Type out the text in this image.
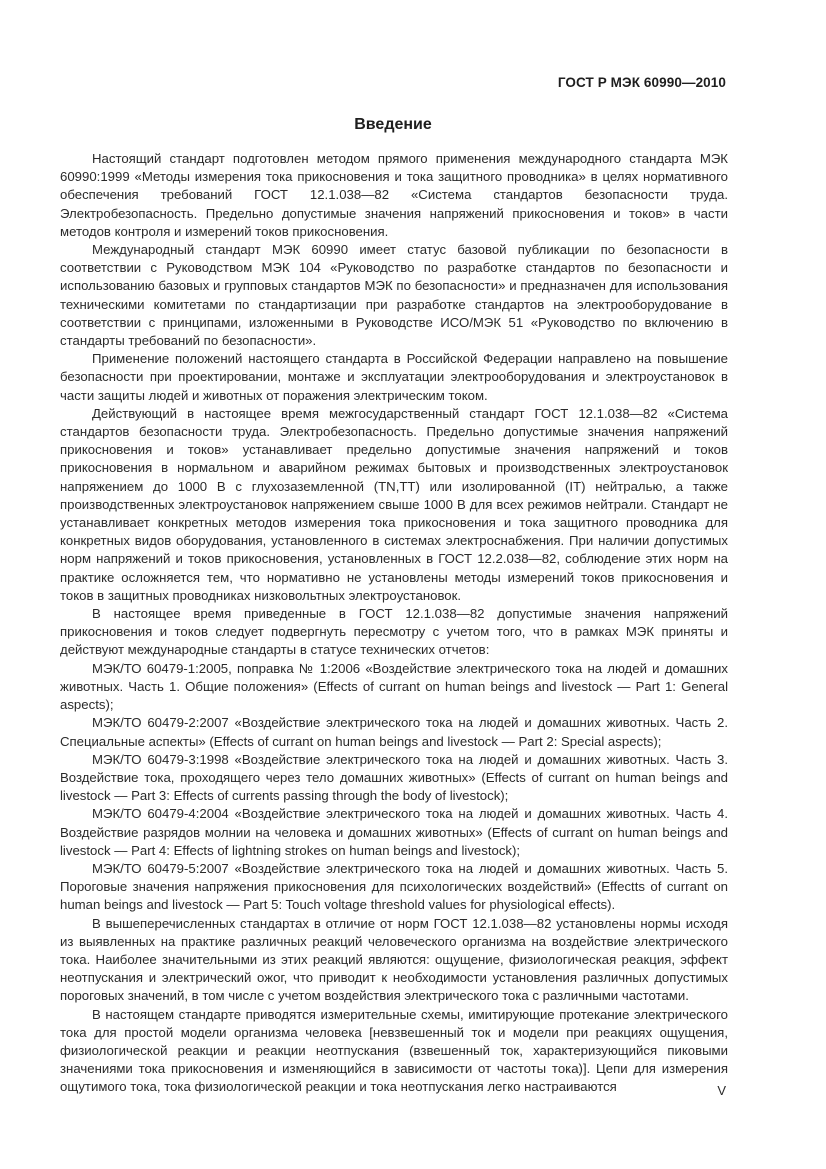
ГОСТ Р МЭК 60990—2010
Введение

Настоящий стандарт подготовлен методом прямого применения международного стандарта МЭК 60990:1999 «Методы измерения тока прикосновения и тока защитного проводника» в целях нормативного обеспечения требований ГОСТ 12.1.038—82 «Система стандартов безопасности труда. Электробезопасность. Предельно допустимые значения напряжений прикосновения и токов» в части методов контроля и измерений токов прикосновения.

Международный стандарт МЭК 60990 имеет статус базовой публикации по безопасности в соответствии с Руководством МЭК 104 «Руководство по разработке стандартов по безопасности и использованию базовых и групповых стандартов МЭК по безопасности» и предназначен для использования техническими комитетами по стандартизации при разработке стандартов на электрооборудование в соответствии с принципами, изложенными в Руководстве ИСО/МЭК 51 «Руководство по включению в стандарты требований по безопасности».

Применение положений настоящего стандарта в Российской Федерации направлено на повышение безопасности при проектировании, монтаже и эксплуатации электрооборудования и электроустановок в части защиты людей и животных от поражения электрическим током.

Действующий в настоящее время межгосударственный стандарт ГОСТ 12.1.038—82 «Система стандартов безопасности труда. Электробезопасность. Предельно допустимые значения напряжений прикосновения и токов» устанавливает предельно допустимые значения напряжений и токов прикосновения в нормальном и аварийном режимах бытовых и производственных электроустановок напряжением до 1000 В с глухозаземленной (TN,TT) или изолированной (IT) нейтралью, а также производственных электроустановок напряжением свыше 1000 В для всех режимов нейтрали. Стандарт не устанавливает конкретных методов измерения тока прикосновения и тока защитного проводника для конкретных видов оборудования, установленного в системах электроснабжения. При наличии допустимых норм напряжений и токов прикосновения, установленных в ГОСТ 12.2.038—82, соблюдение этих норм на практике осложняется тем, что нормативно не установлены методы измерений токов прикосновения и токов в защитных проводниках низковольтных электроустановок.

В настоящее время приведенные в ГОСТ 12.1.038—82 допустимые значения напряжений прикосновения и токов следует подвергнуть пересмотру с учетом того, что в рамках МЭК приняты и действуют международные стандарты в статусе технических отчетов:

МЭК/ТО 60479-1:2005, поправка № 1:2006 «Воздействие электрического тока на людей и домашних животных. Часть 1. Общие положения» (Effects of currant on human beings and livestock — Part 1: General aspects);

МЭК/ТО 60479-2:2007 «Воздействие электрического тока на людей и домашних животных. Часть 2. Специальные аспекты» (Effects of currant on human beings and livestock — Part 2: Special aspects);

МЭК/ТО 60479-3:1998 «Воздействие электрического тока на людей и домашних животных. Часть 3. Воздействие тока, проходящего через тело домашних животных» (Effects of currant on human beings and livestock — Part 3: Effects of currents passing through the body of livestock);

МЭК/ТО 60479-4:2004 «Воздействие электрического тока на людей и домашних животных. Часть 4. Воздействие разрядов молнии на человека и домашних животных» (Effects of currant on human beings and livestock — Part 4: Effects of lightning strokes on human beings and livestock);

МЭК/ТО 60479-5:2007 «Воздействие электрического тока на людей и домашних животных. Часть 5. Пороговые значения напряжения прикосновения для психологических воздействий» (Effectts of currant on human beings and livestock — Part 5: Touch voltage threshold values for physiological effects).

В вышеперечисленных стандартах в отличие от норм ГОСТ 12.1.038—82 установлены нормы исходя из выявленных на практике различных реакций человеческого организма на воздействие электрического тока. Наиболее значительными из этих реакций являются: ощущение, физиологическая реакция, эффект неотпускания и электрический ожог, что приводит к необходимости установления различных допустимых пороговых значений, в том числе с учетом воздействия электрического тока с различными частотами.

В настоящем стандарте приводятся измерительные схемы, имитирующие протекание электрического тока для простой модели организма человека [невзвешенный ток и модели при реакциях ощущения, физиологической реакции и реакции неотпускания (взвешенный ток, характеризующийся пиковыми значениями тока прикосновения и изменяющийся в зависимости от частоты тока)]. Цепи для измерения ощутимого тока, тока физиологической реакции и тока неотпускания легко настраиваются	V
